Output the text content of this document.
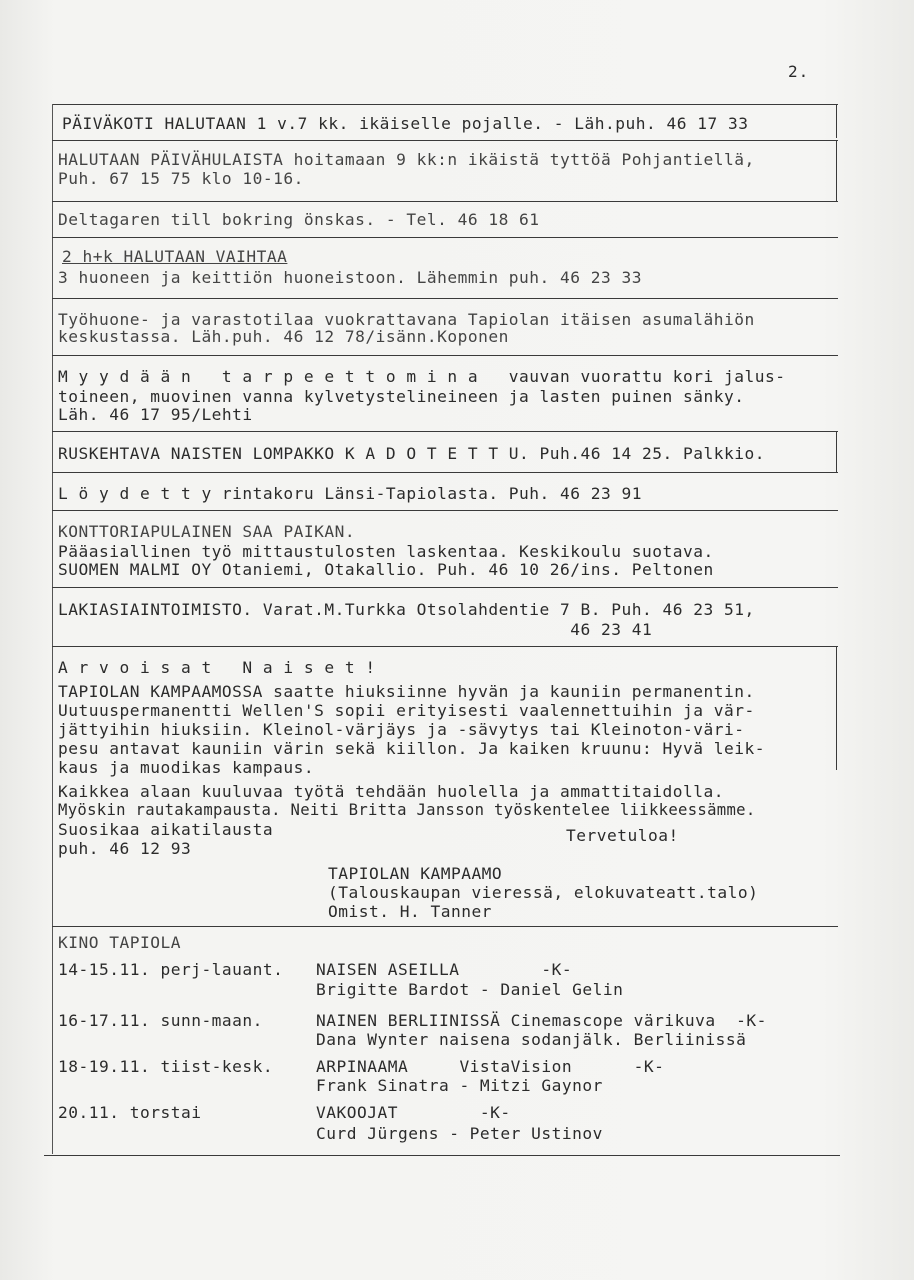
2.
PÄIVÄKOTI HALUTAAN 1 v.7 kk. ikäiselle pojalle. - Läh.puh. 46 17 33
HALUTAAN PÄIVÄHULAISTA hoitamaan 9 kk:n ikäistä tyttöä Pohjantiellä,
Puh. 67 15 75 klo 10-16.
Deltagaren till bokring önskas. - Tel. 46 18 61
2 h+k HALUTAAN VAIHTAA
3 huoneen ja keittiön huoneistoon. Lähemmin puh. 46 23 33
Työhuone- ja varastotilaa vuokrattavana Tapiolan itäisen asumalähiön
keskustassa. Läh.puh. 46 12 78/isänn.Koponen
M y y d ä ä n   t a r p e e t t o m i n a   vauvan vuorattu kori jalus-
toineen, muovinen vanna kylvetystelineineen ja lasten puinen sänky.
Läh. 46 17 95/Lehti
RUSKEHTAVA NAISTEN LOMPAKKO K A D O T E T T U. Puh.46 14 25. Palkkio.
L ö y d e t t y rintakoru Länsi-Tapiolasta. Puh. 46 23 91
KONTTORIAPULAINEN SAA PAIKAN.
Pääasiallinen työ mittaustulosten laskentaa. Keskikoulu suotava.
SUOMEN MALMI OY Otaniemi, Otakallio. Puh. 46 10 26/ins. Peltonen
LAKIASIAINTOIMISTO. Varat.M.Turkka Otsolahdentie 7 B. Puh. 46 23 51,
46 23 41
A r v o i s a t   N a i s e t !
TAPIOLAN KAMPAAMOSSA saatte hiuksiinne hyvän ja kauniin permanentin.
Uutuuspermanentti Wellen'S sopii erityisesti vaalennettuihin ja vär-
jättyihin hiuksiin. Kleinol-värjäys ja -sävytys tai Kleinoton-väri-
pesu antavat kauniin värin sekä kiillon. Ja kaiken kruunu: Hyvä leik-
kaus ja muodikas kampaus.
Kaikkea alaan kuuluvaa työtä tehdään huolella ja ammattitaidolla.
Myöskin rautakampausta. Neiti Britta Jansson työskentelee liikkeessämme.
Suosikaa aikatilausta	Tervetuloa!
puh. 46 12 93
TAPIOLAN KAMPAAMO
(Talouskaupan vieressä, elokuvateatt.talo)
Omist. H. Tanner
KINO TAPIOLA
14-15.11. perj-lauant. NAISEN ASEILLA        -K-
Brigitte Bardot - Daniel Gelin
16-17.11. sunn-maan.	NAINEN BERLIINISSÄ Cinemascope värikuva  -K-
Dana Wynter naisena sodanjälk. Berliinissä
18-19.11. tiist-kesk.	ARPINAAMA     VistaVision      -K-
Frank Sinatra - Mitzi Gaynor
20.11. torstai	VAKOOJAT        -K-
Curd Jürgens - Peter Ustinov
